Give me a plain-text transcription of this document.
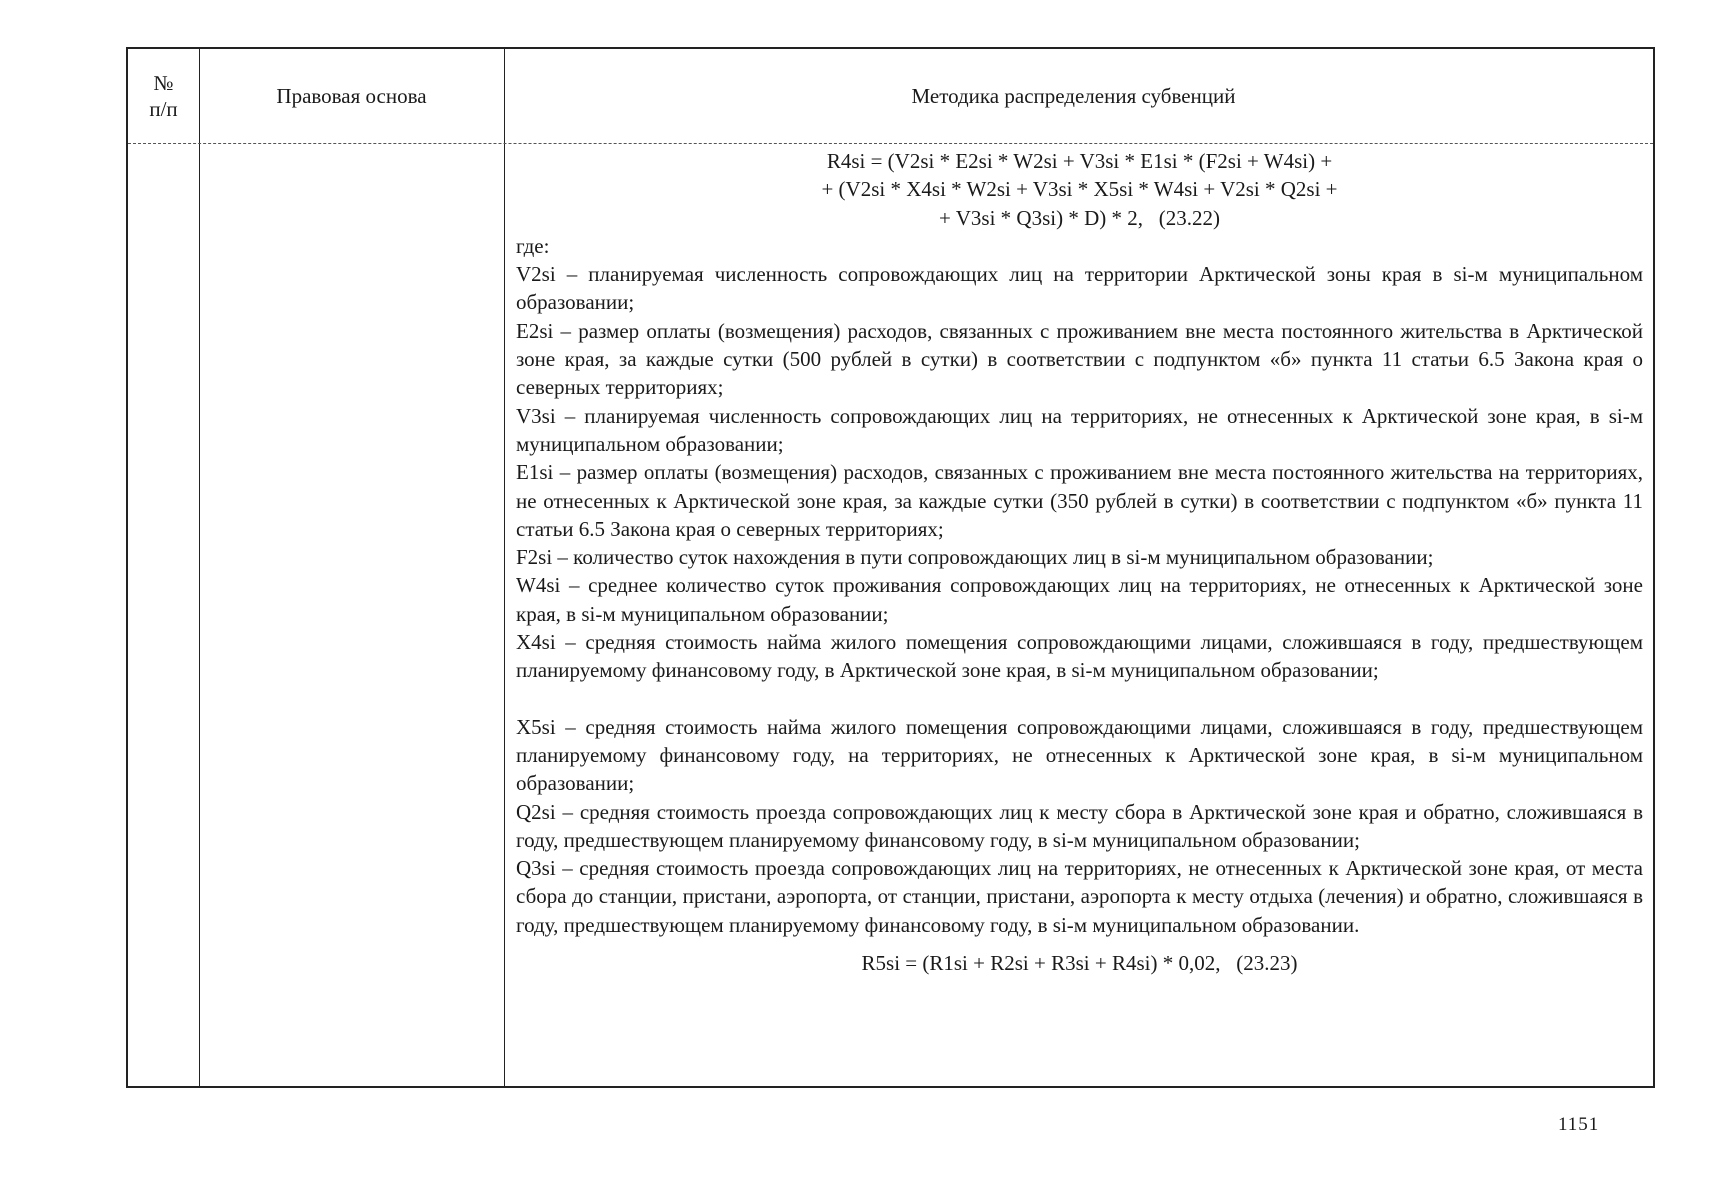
№
п/п
Правовая основа	Методика распределения субвенций

R4si = (V2si * E2si * W2si + V3si * E1si * (F2si + W4si) +

+ (V2si * X4si * W2si + V3si * X5si * W4si + V2si * Q2si +

+ V3si * Q3si) * D) * 2,   (23.22)

где:

V2si – планируемая численность сопровождающих лиц на территории Арктической зоны края в si-м муниципальном образовании;

E2si – размер оплаты (возмещения) расходов, связанных с проживанием вне места постоянного жительства в Арктической зоне края, за каждые сутки (500 рублей в сутки) в соответствии с подпунктом «б» пункта 11 статьи 6.5 Закона края о северных территориях;

V3si – планируемая численность сопровождающих лиц на территориях, не отнесенных к Арктической зоне края, в si-м муниципальном образовании;

E1si – размер оплаты (возмещения) расходов, связанных с проживанием вне места постоянного жительства на территориях, не отнесенных к Арктической зоне края, за каждые сутки (350 рублей в сутки) в соответствии с подпунктом «б» пункта 11 статьи 6.5 Закона края о северных территориях;

F2si – количество суток нахождения в пути сопровождающих лиц в si-м муниципальном образовании;

W4si – среднее количество суток проживания сопровождающих лиц на территориях, не отнесенных к Арктической зоне края, в si-м муниципальном образовании;

X4si – средняя стоимость найма жилого помещения сопровождающими лицами, сложившаяся в году, предшествующем планируемому финансовому году, в Арктической зоне края, в si-м муниципальном образовании;

X5si – средняя стоимость найма жилого помещения сопровождающими лицами, сложившаяся в году, предшествующем планируемому финансовому году, на территориях, не отнесенных к Арктической зоне края, в si-м муниципальном образовании;

Q2si – средняя стоимость проезда сопровождающих лиц к месту сбора в Арктической зоне края и обратно, сложившаяся в году, предшествующем планируемому финансовому году, в si-м муниципальном образовании;

Q3si – средняя стоимость проезда сопровождающих лиц на территориях, не отнесенных к Арктической зоне края, от места сбора до станции, пристани, аэропорта, от станции, пристани, аэропорта к месту отдыха (лечения) и обратно, сложившаяся в году, предшествующем планируемому финансовому году, в si-м муниципальном образовании.

R5si = (R1si + R2si + R3si + R4si) * 0,02,   (23.23)

1151
